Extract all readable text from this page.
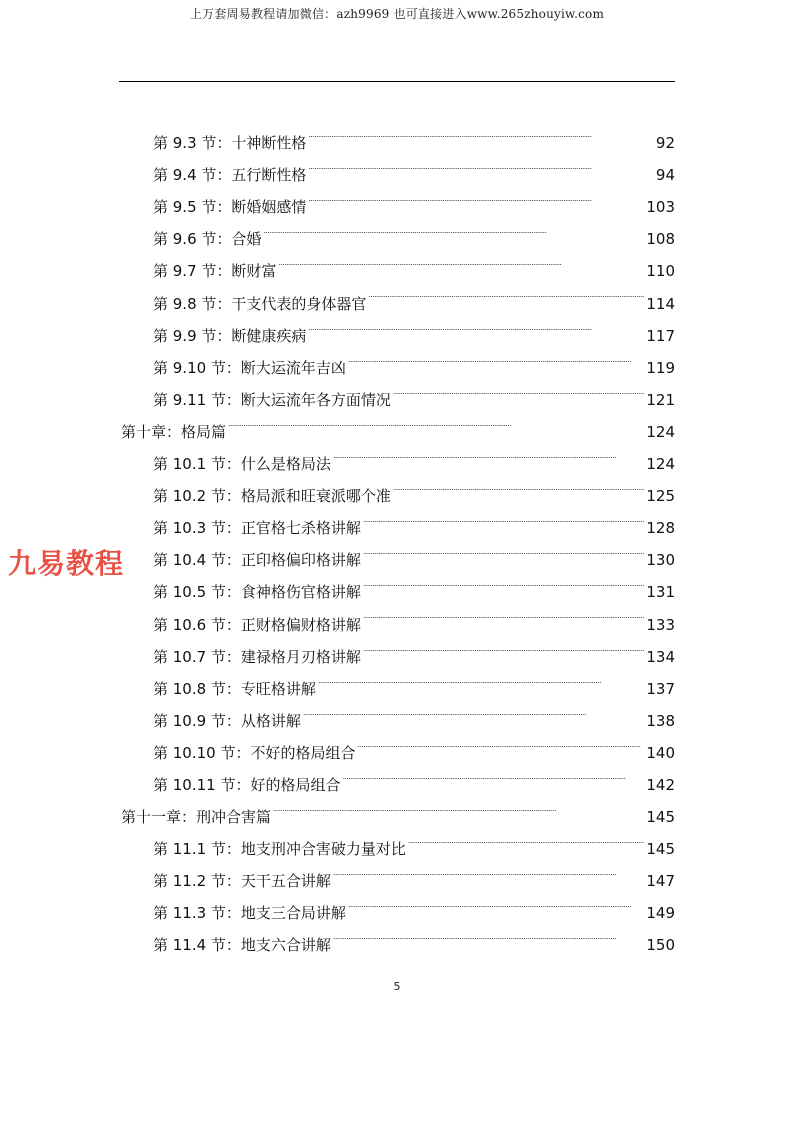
上万套周易教程请加微信：azh9969 也可直接进入www.265zhouyiw.com
第 9.3 节：十神断性格 . . .	92
第 9.4 节：五行断性格 . . .	94
第 9.5 节：断婚姻感情 . . .	103
第 9.6 节：合婚 . . .	108
第 9.7 节：断财富 . . .	110
第 9.8 节：干支代表的身体器官 . . .	114
第 9.9 节：断健康疾病 . . .	117
第 9.10 节：断大运流年吉凶 . . .	119
第 9.11 节：断大运流年各方面情况 . . .	121
第十章：格局篇 . . .	124
第 10.1 节：什么是格局法 . . .	124
第 10.2 节：格局派和旺衰派哪个准 . . .	125
第 10.3 节：正官格七杀格讲解 . . .	128
第 10.4 节：正印格偏印格讲解 . . .	130
第 10.5 节：食神格伤官格讲解 . . .	131
第 10.6 节：正财格偏财格讲解 . . .	133
第 10.7 节：建禄格月刃格讲解 . . .	134
第 10.8 节：专旺格讲解 . . .	137
第 10.9 节：从格讲解 . . .	138
第 10.10 节：不好的格局组合 . . .	140
第 10.11 节：好的格局组合 . . .	142
第十一章：刑冲合害篇 . . .	145
第 11.1 节：地支刑冲合害破力量对比 . . .	145
第 11.2 节：天干五合讲解 . . .	147
第 11.3 节：地支三合局讲解 . . .	149
第 11.4 节：地支六合讲解 . . .	150
九易教程
5
